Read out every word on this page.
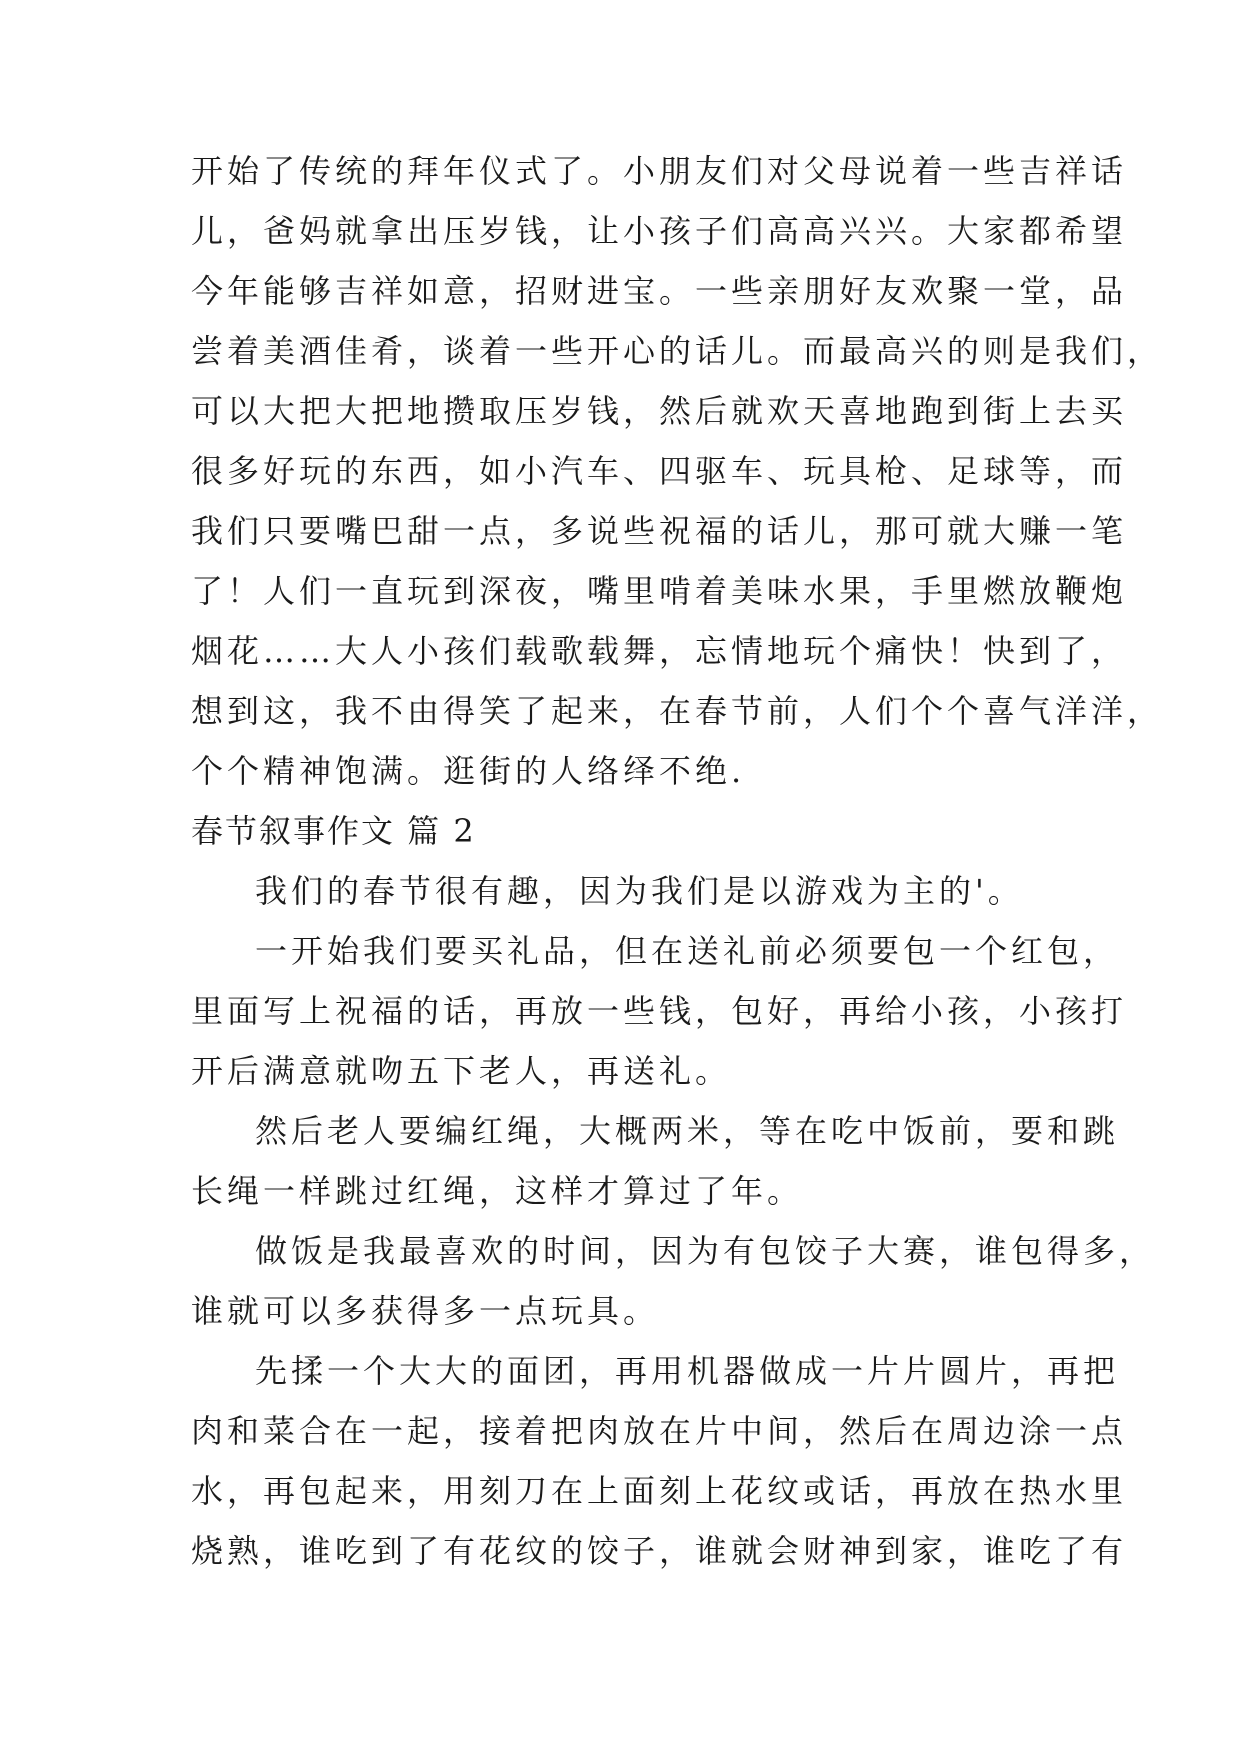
开始了传统的拜年仪式了。小朋友们对父母说着一些吉祥话
儿，爸妈就拿出压岁钱，让小孩子们高高兴兴。大家都希望
今年能够吉祥如意，招财进宝。一些亲朋好友欢聚一堂，品
尝着美酒佳肴，谈着一些开心的话儿。而最高兴的则是我们，
可以大把大把地攒取压岁钱，然后就欢天喜地跑到街上去买
很多好玩的东西，如小汽车、四驱车、玩具枪、足球等，而
我们只要嘴巴甜一点，多说些祝福的话儿，那可就大赚一笔
了！人们一直玩到深夜，嘴里啃着美味水果，手里燃放鞭炮
烟花……大人小孩们载歌载舞，忘情地玩个痛快！快到了，
想到这，我不由得笑了起来，在春节前，人们个个喜气洋洋，
个个精神饱满。逛街的人络绎不绝.
春节叙事作文 篇 2
我们的春节很有趣，因为我们是以游戏为主的'。
一开始我们要买礼品，但在送礼前必须要包一个红包，
里面写上祝福的话，再放一些钱，包好，再给小孩，小孩打
开后满意就吻五下老人，再送礼。
然后老人要编红绳，大概两米，等在吃中饭前，要和跳
长绳一样跳过红绳，这样才算过了年。
做饭是我最喜欢的时间，因为有包饺子大赛，谁包得多，
谁就可以多获得多一点玩具。
先揉一个大大的面团，再用机器做成一片片圆片，再把
肉和菜合在一起，接着把肉放在片中间，然后在周边涂一点
水，再包起来，用刻刀在上面刻上花纹或话，再放在热水里
烧熟，谁吃到了有花纹的饺子，谁就会财神到家，谁吃了有
